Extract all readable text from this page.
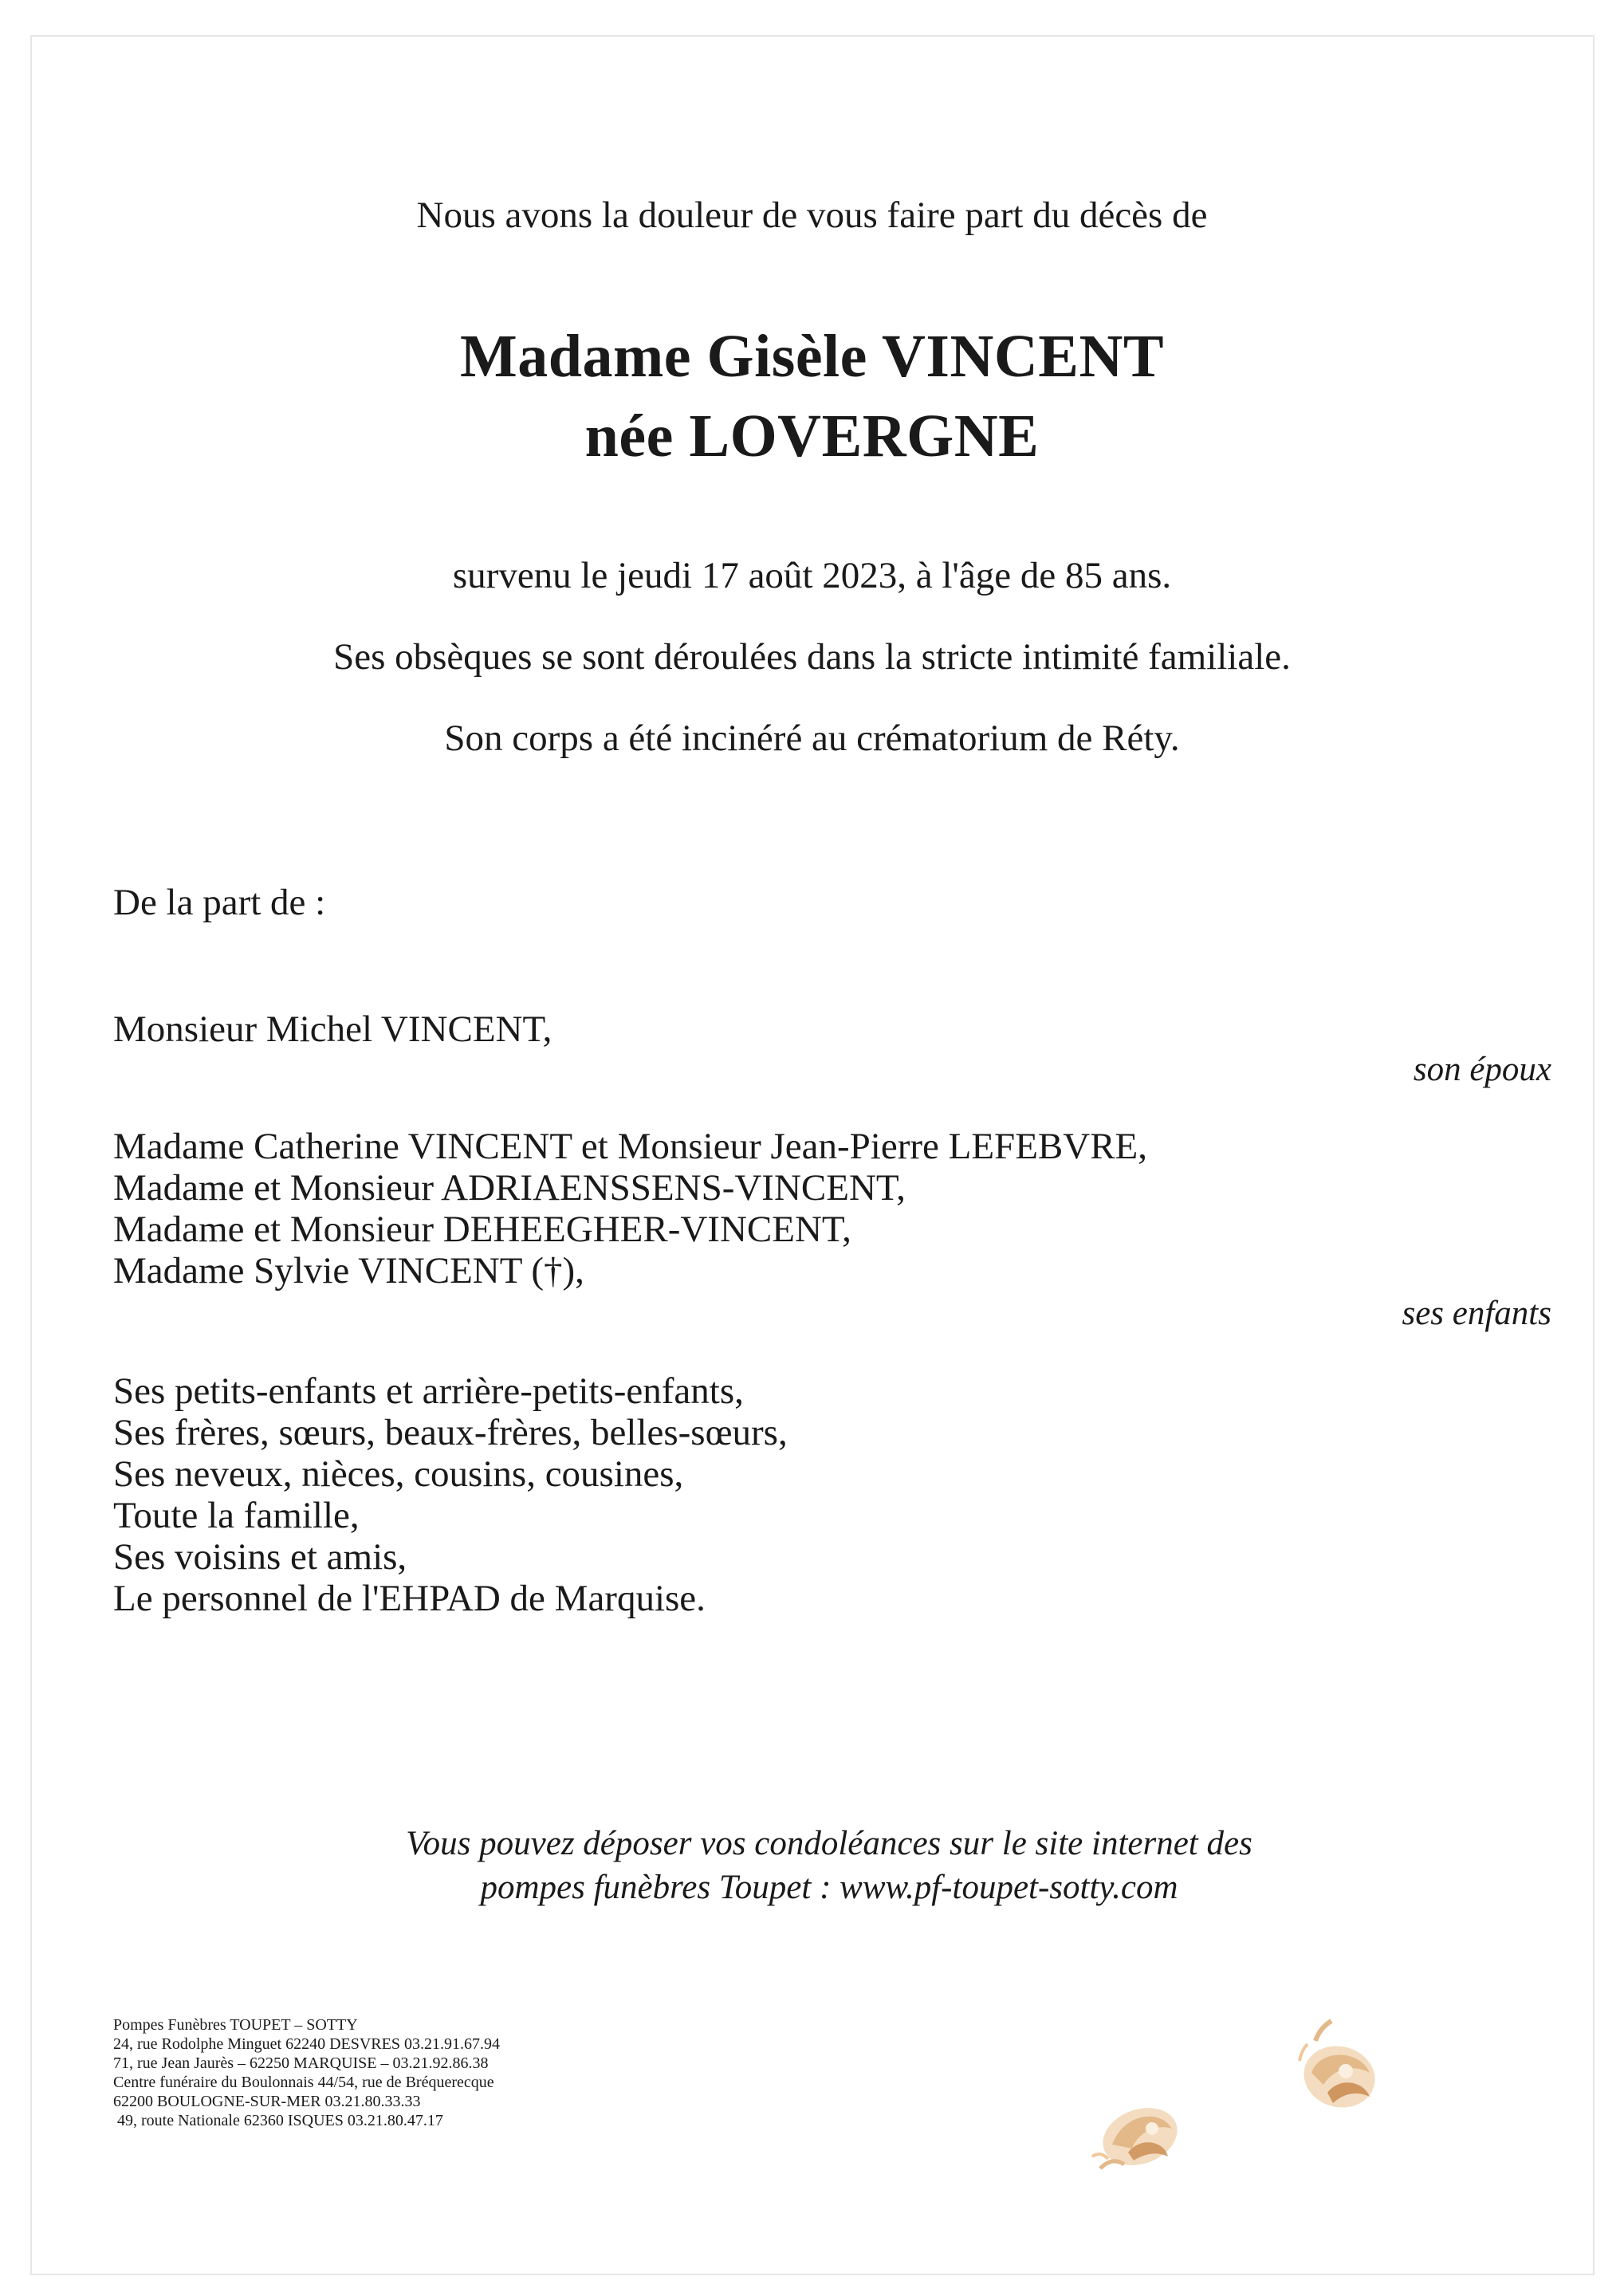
Nous avons la douleur de vous faire part du décès de
Madame Gisèle VINCENT
née LOVERGNE
survenu le jeudi 17 août 2023, à l'âge de 85 ans.
Ses obsèques se sont déroulées dans la stricte intimité familiale.
Son corps a été incinéré au crématorium de Réty.
De la part de :
Monsieur Michel VINCENT,
son époux
Madame Catherine VINCENT et Monsieur Jean-Pierre LEFEBVRE,
Madame et Monsieur ADRIAENSSENS-VINCENT,
Madame et Monsieur DEHEEGHER-VINCENT,
Madame Sylvie VINCENT (†),
ses enfants
Ses petits-enfants et arrière-petits-enfants,
Ses frères, sœurs, beaux-frères, belles-sœurs,
Ses neveux, nièces, cousins, cousines,
Toute la famille,
Ses voisins et amis,
Le personnel de l'EHPAD de Marquise.
Vous pouvez déposer vos condoléances sur le site internet des
pompes funèbres Toupet : www.pf-toupet-sotty.com
Pompes Funèbres TOUPET – SOTTY
24, rue Rodolphe Minguet 62240 DESVRES 03.21.91.67.94
71, rue Jean Jaurès – 62250 MARQUISE – 03.21.92.86.38
Centre funéraire du Boulonnais 44/54, rue de Bréquerecque
62200 BOULOGNE-SUR-MER 03.21.80.33.33
49, route Nationale 62360 ISQUES 03.21.80.47.17
